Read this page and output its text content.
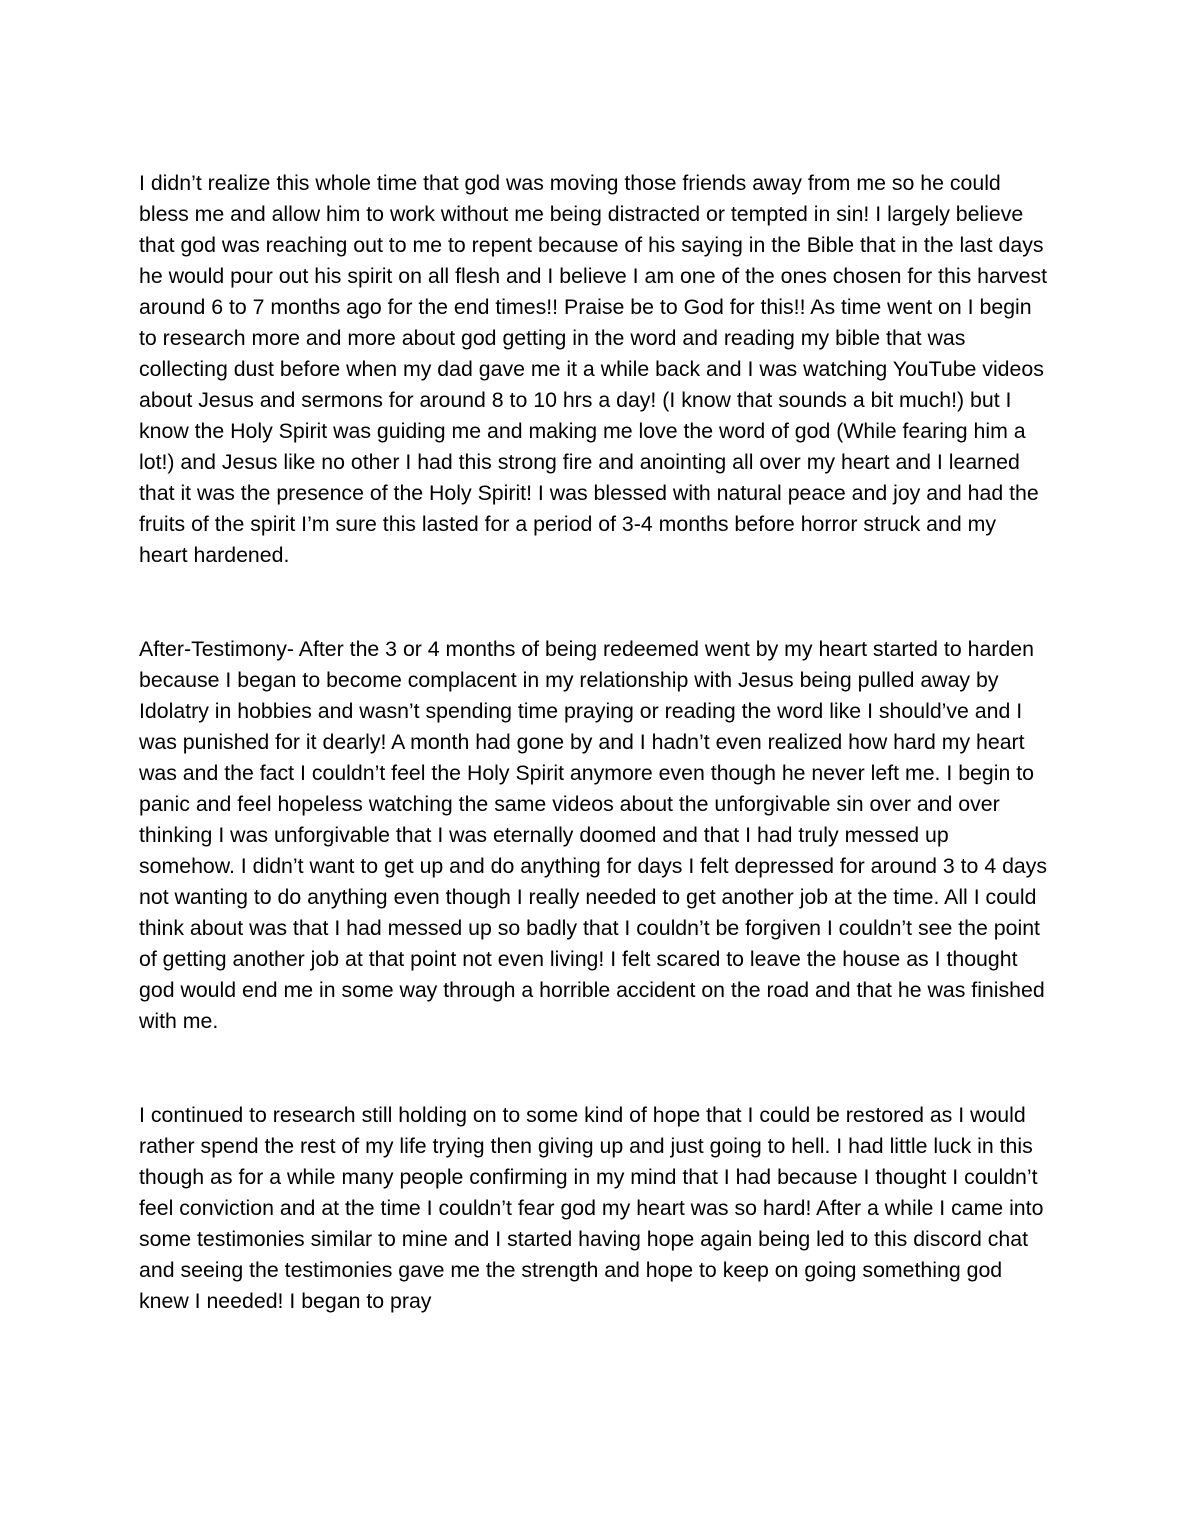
I didn’t realize this whole time that god was moving those friends away from me so he could bless me and allow him to work without me being distracted or tempted in sin! I largely believe that god was reaching out to me to repent because of his saying in the Bible that in the last days he would pour out his spirit on all flesh and I believe I am one of the ones chosen for this harvest around 6 to 7 months ago for the end times!! Praise be to God for this!! As time went on I begin to research more and more about god getting in the word and reading my bible that was collecting dust before when my dad gave me it a while back and I was watching YouTube videos about Jesus and sermons for around 8 to 10 hrs a day! (I know that sounds a bit much!) but I know the Holy Spirit was guiding me and making me love the word of god (While fearing him a lot!) and Jesus like no other I had this strong fire and anointing all over my heart and I learned that it was the presence of the Holy Spirit! I was blessed with natural peace and joy and had the fruits of the spirit I’m sure this lasted for a period of 3-4 months before horror struck and my heart hardened.

After-Testimony- After the 3 or 4 months of being redeemed went by my heart started to harden because I began to become complacent in my relationship with Jesus being pulled away by Idolatry in hobbies and wasn’t spending time praying or reading the word like I should’ve and I was punished for it dearly! A month had gone by and I hadn’t even realized how hard my heart was and the fact I couldn’t feel the Holy Spirit anymore even though he never left me. I begin to panic and feel hopeless watching the same videos about the unforgivable sin over and over thinking I was unforgivable that I was eternally doomed and that I had truly messed up somehow. I didn’t want to get up and do anything for days I felt depressed for around 3 to 4 days not wanting to do anything even though I really needed to get another job at the time. All I could think about was that I had messed up so badly that I couldn’t be forgiven I couldn’t see the point of getting another job at that point not even living! I felt scared to leave the house as I thought god would end me in some way through a horrible accident on the road and that he was finished with me.

I continued to research still holding on to some kind of hope that I could be restored as I would rather spend the rest of my life trying then giving up and just going to hell. I had little luck in this though as for a while many people confirming in my mind that I had because I thought I couldn’t feel conviction and at the time I couldn’t fear god my heart was so hard! After a while I came into some testimonies similar to mine and I started having hope again being led to this discord chat and seeing the testimonies gave me the strength and hope to keep on going something god knew I needed! I began to pray
